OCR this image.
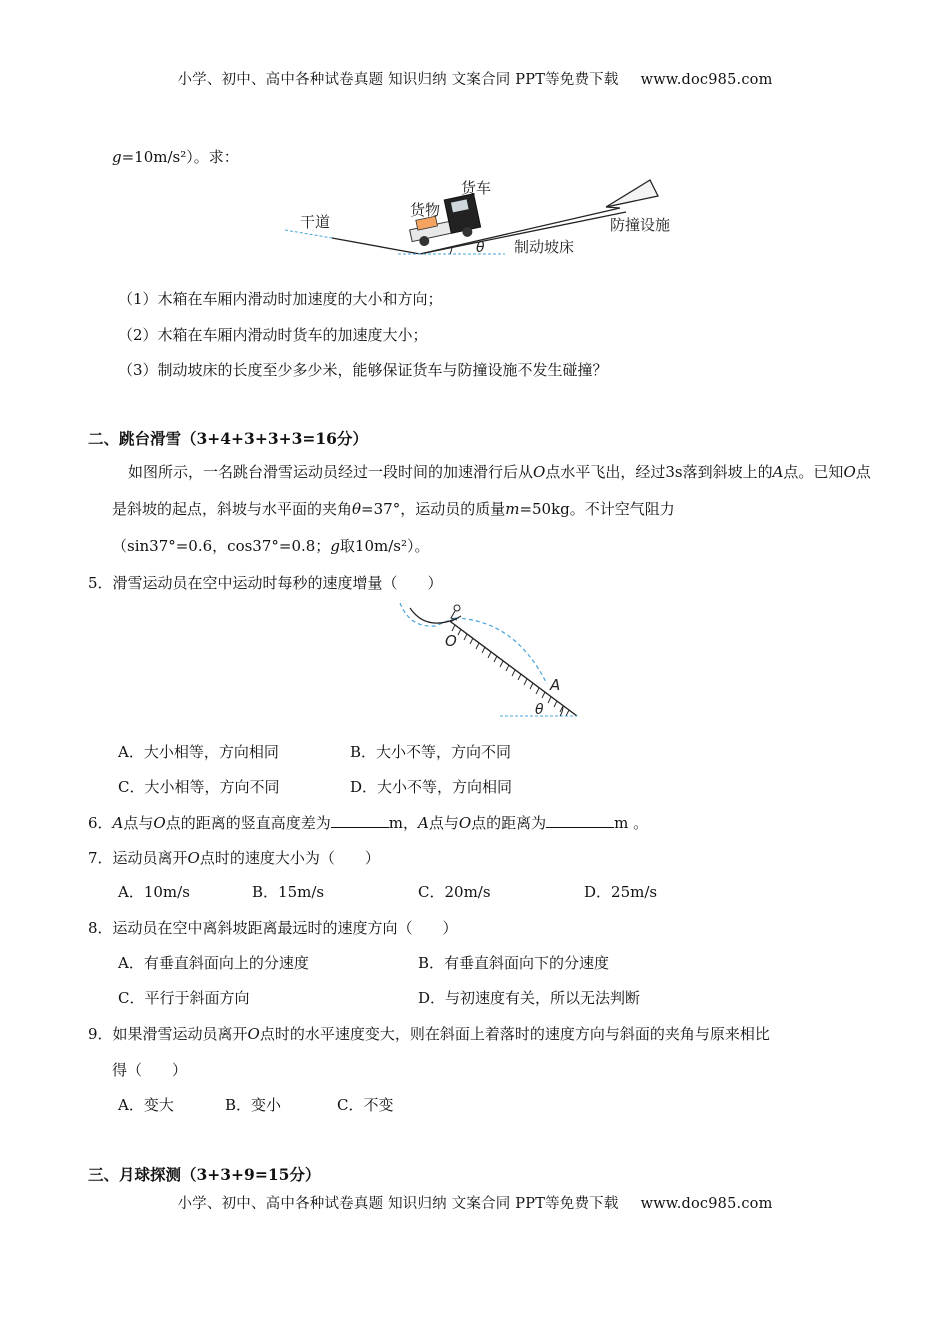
小学、初中、高中各种试卷真题 知识归纳 文案合同 PPT等免费下载 www.doc985.com
g=10m/s²）。求：
干道
货物
货车
制动坡床
防撞设施
θ
（1）木箱在车厢内滑动时加速度的大小和方向；
（2）木箱在车厢内滑动时货车的加速度大小；
（3）制动坡床的长度至少多少米，能够保证货车与防撞设施不发生碰撞？
二、跳台滑雪（3+4+3+3+3=16分）
如图所示，一名跳台滑雪运动员经过一段时间的加速滑行后从O点水平飞出，经过3s落到斜坡上的A点。已知O点是斜坡的起点，斜坡与水平面的夹角θ=37°，运动员的质量m=50kg。不计空气阻力
（sin37°=0.6，cos37°=0.8；g取10m/s²）。
5．滑雪运动员在空中运动时每秒的速度增量（　　）
O
A
θ
A．大小相等，方向相同	B．大小不等，方向不同
C．大小相等，方向不同	D．大小不等，方向相同
6．A点与O点的距离的竖直高度差为	m，A点与O点的距离为	m 。
7．运动员离开O点时的速度大小为（　　）
A．10m/s	B．15m/s	C．20m/s	D．25m/s
8．运动员在空中离斜坡距离最远时的速度方向（　　）
A．有垂直斜面向上的分速度	B．有垂直斜面向下的分速度
C．平行于斜面方向	D．与初速度有关，所以无法判断
9．如果滑雪运动员离开O点时的水平速度变大，则在斜面上着落时的速度方向与斜面的夹角与原来相比
得（　　）
A．变大	B．变小	C．不变
三、月球探测（3+3+9=15分）
小学、初中、高中各种试卷真题 知识归纳 文案合同 PPT等免费下载 www.doc985.com
